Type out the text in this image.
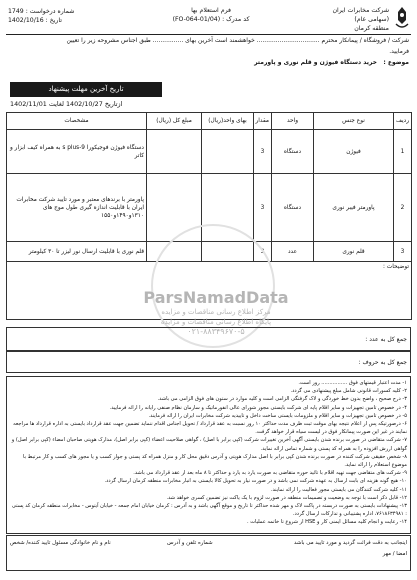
شرکت مخابرات ایران
(سهامی عام)
منطقه کرمان
فرم استعلام بها
کد مدرک : (FO-064-01/04)
شماره درخواست : 1749
تاریخ : 1402/10/16
شرکت / فروشگاه / پیمانکار محترم ................................. خواهشمند است آخرین بهای ................ طبق اجناس مشروحه زیر را تعیین
فرمایید.
موضوع :
خرید دستگاه فیوژن و قلم نوری و پاورمتر
تاریخ آخرین مهلت پیشنهاد
ازتاریخ 1402/10/27 لغایت 1402/11/01
ردیف	نوع جنس	واحد	مقدار	بهای واحد(ریال)	مبلغ کل (ریال)	مشخصات
1	فیوژن	دستگاه	3			دستگاه فیوژن فوجیکورا 9-s plus به همراه کیف ابزار و کاتر
2	پاورمتر فیبر نوری	دستگاه	3			پاورمتر با برندهای معتبر و مورد تایید شرکت مخابرات ایران با قابلیت اندازه گیری طول موج های ۱۳۱۰و۱۴۹۰و۱۵۵۰
3	قلم نوری	عدد	3			قلم نوری با قابلیت ارسال نور لیزر تا ۳۰ کیلومتر
توضیحات :						
ParsNamadData
مرکز اطلاع رسانی مناقصات و مزایده
پایگاه اطلاع رسانی مناقصات و مزایده
۰۲۱-۸۸۳۴۹۶۷۰-۵
جمع کل به عدد :
جمع کل به حروف :

۱- مدت اعتبار قیمتهای فوق ................ روز است.

۲- کلیه کسورات قانونی شامل مبلغ پیشنهادی می گردد.

۳- درج صحیح ، واضح بدون خط خوردگی و لاک گرفتگی الزامی است و کلیه موارد در ستون های فوق الزامی می باشد.

۴- در خصوص تامین تجهیزات و سایر اقلام پایه ای شرکت بایستی مجوز شورای عالی انفورماتیک و سازمان نظام صنفی رایانه را ارائه فرمایید.

۵- در خصوص تامین تجهیزات و سایر اقلام و ملزومات بایستی ساخت داخل و تاییدیه شرکت مخابرات ایران را ارائه فرمایند.

۶- درصورتیکه پس از اعلام نتیجه بهای موقت ثبت ظرف مدت حداکثر ۱۰ روز نسبت به عقد قرارداد / تحویل اجناس اقدام ننماید تضمین جهت عقد قرارداد بایستی به اداره قرارداد ها مراجعه نمایند در غیر این صورت پیمانکار فوق در لیست سیاه قرار خواهد گرفت.

۷- شرکت متقاضی در صورت برنده شدن بایستی آگهی آخرین تغییرات شرکت (کپی برابر با اصل) ، گواهی صلاحیت اعضاء (کپی برابر اصل)، مدارک هویتی صاحبان امضاء (کپی برابر اصل) و گواهی ارزش افزوده را به همراه کد پستی و شماره تماس ارائه نماید.

۸- شخص حقیقی شرکت کننده در صورت برنده شدن کپی برابر با اصل مدارک هویتی و آدرس دقیق محل کار و منزل همراه کد پستی و جواز کسب و یا مجوز های کسب و کار مرتبط با موضوع استعلام را ارائه نماید.

۹- شرکت های متقاضی جهت تهیه اقلام با تائید حوزه متقاضی به صورت یارد به یارد و حداکثر تا ۸ ماه بعد از عقد قرارداد می باشد.

۱۰- هیچ گونه هزینه ای بابت ارسال به عهده شرکت نمی باشد و در صورت نیاز به تحویل کالا بایستی به انبار مخابرات منطقه کرمان ارسال گردد.

۱۱- کلیه شرکت کنندگان می بایستی مجوز فعالیت را ارائه نمایند.

۱۲- قابل ذکر است با توجه به وضعیت و تصمیمات منطقه در صورت لزوم با یک یاکت نیز تضمین کسری خواهد شد.

۱۳- پیشنهادات بایستی به صورت دربسته در پاکت لاک و مهر شده حداکثر تا تاریخ و موقع آگهی باشد و به آدرس : کرمان خیابان امام جمعه - خیابان آیتوس - مخابرات منطقه کرمان کد پستی : ۷۶۱۸۶۳۴۹۸۱، اداره پشتیبانی و تدارکات ارسال گردد.

۱۴- رعایت و انجام کلیه مسائل ایمنی کار و HSE از شروع تا خاتمه عملیات .

اینجانب به دقت فرائت گردید و مورد تایید می باشد
امضا / مهر
شماره تلفن و آدرس
نام و نام خانوادگی مسئول تایید کننده/ شخص
